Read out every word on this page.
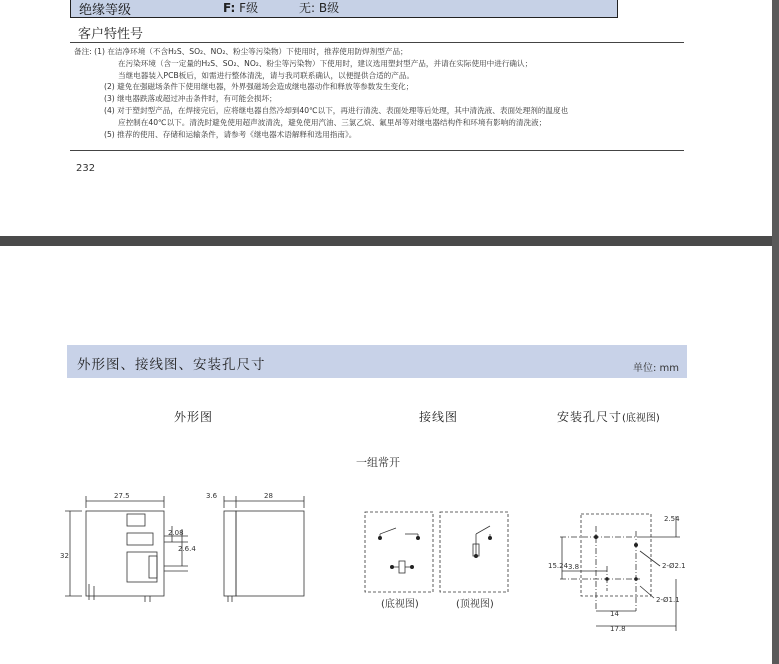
绝缘等级	F: F级	无: B级
客户特性号
备注: (1) 在洁净环境（不含H₂S、SO₂、NO₂、粉尘等污染物）下使用时，推荐使用防焊剂型产品；
在污染环境（含一定量的H₂S、SO₂、NO₂、粉尘等污染物）下使用时，建议选用塑封型产品，并请在实际使用中进行确认；
当继电器装入PCB板后，如需进行整体清洗，请与我司联系确认，以便提供合适的产品。
(2) 避免在强磁场条件下使用继电器，外界强磁场会造成继电器动作和释放等参数发生变化；
(3) 继电器跌落或超过冲击条件时，有可能会损坏；
(4) 对于塑封型产品，在焊接完后，应将继电器自然冷却到40℃以下，再进行清洗、表面处理等后处理，其中清洗液、表面处理剂的温度也
应控制在40℃以下。清洗时避免使用超声波清洗，避免使用汽油、三氯乙烷、氟里昂等对继电器结构件和环境有影响的清洗液；
(5) 推荐的使用、存储和运输条件，请参考《继电器术语解释和选用指南》。
232
外形图、接线图、安装孔尺寸	单位: mm
外形图	接线图	安装孔尺寸(底视图)
一组常开
27.5
32
2.08
2.6.4
3.6	28
(底视图)	(顶视图)
2.54
15.24 3.8
14
17.8
2-Ø2.1
2-Ø1.1
